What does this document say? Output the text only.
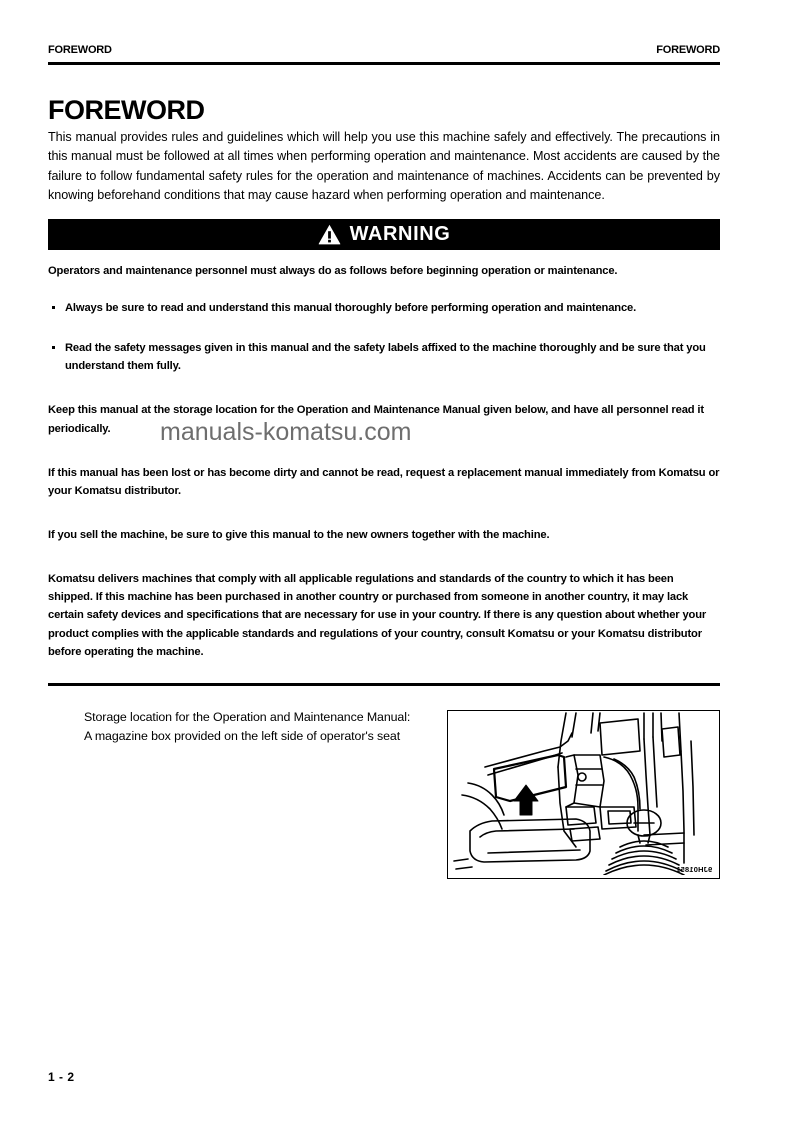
FOREWORD	FOREWORD
FOREWORD

This manual provides rules and guidelines which will help you use this machine safely and effectively. The precautions in this manual must be followed at all times when performing operation and maintenance. Most accidents are caused by the failure to follow fundamental safety rules for the operation and maintenance of machines. Accidents can be prevented by knowing beforehand conditions that may cause hazard when performing operation and maintenance.

WARNING

Operators and maintenance personnel must always do as follows before beginning operation or maintenance.

Always be sure to read and understand this manual thoroughly before performing operation and maintenance.
Read the safety messages given in this manual and the safety labels affixed to the machine thoroughly and be sure that you understand them fully.

Keep this manual at the storage location for the Operation and Maintenance Manual given below, and have all personnel read it periodically.

If this manual has been lost or has become dirty and cannot be read, request a replacement manual immediately from Komatsu or your Komatsu distributor.

If you sell the machine, be sure to give this manual to the new owners together with the machine.

Komatsu delivers machines that comply with all applicable regulations and standards of the country to which it has been shipped. If this machine has been purchased in another country or purchased from someone in another country, it may lack certain safety devices and specifications that are necessary for use in your country. If there is any question about whether your product complies with the applicable standards and regulations of your country, consult Komatsu or your Komatsu distributor before operating the machine.

Storage location for the Operation and Maintenance Manual:
A magazine box provided on the left side of operator's seat
9JH01851
manuals-komatsu.com
1 - 2
